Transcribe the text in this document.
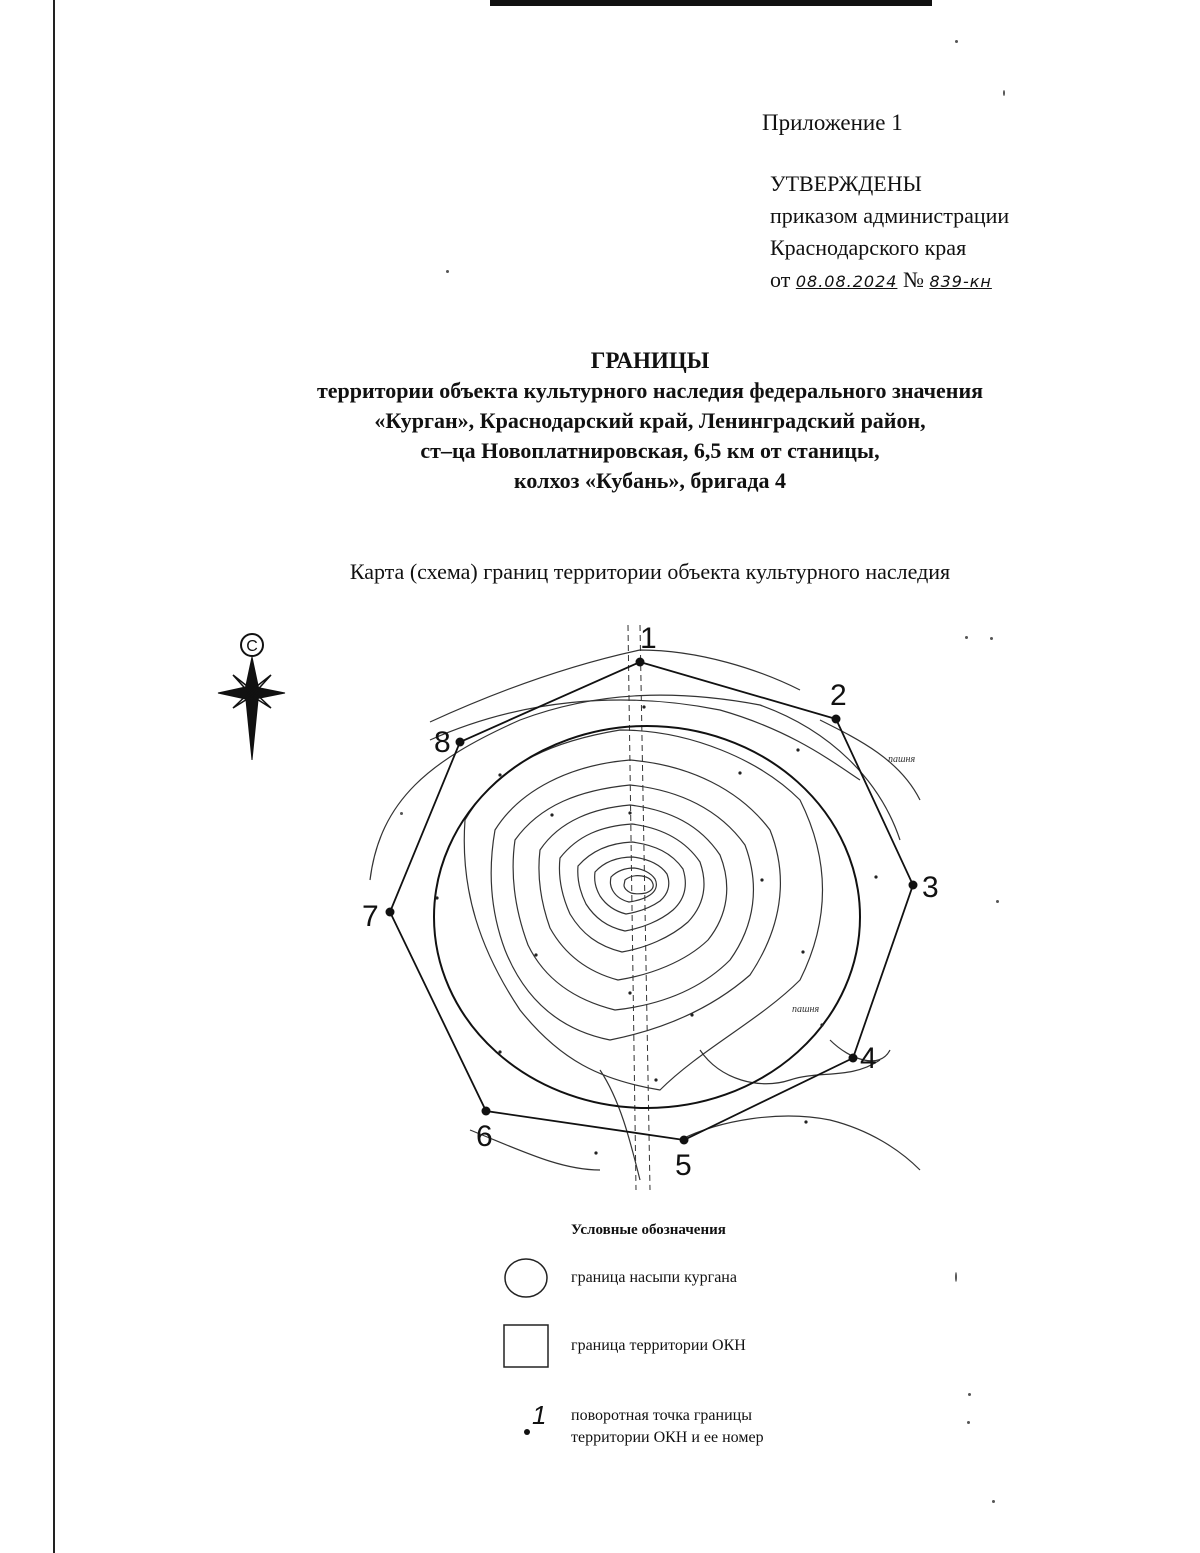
Приложение 1
УТВЕРЖДЕНЫ
приказом администрации
Краснодарского края
от 08.08.2024 № 839-кн
ГРАНИЦЫ
территории объекта культурного наследия федерального значения
«Курган», Краснодарский край, Ленинградский район,
ст–ца Новоплатнировская, 6,5 км от станицы,
колхоз «Кубань», бригада 4
Карта (схема) границ территории объекта культурного наследия
С	1
2
3
4
5
6
7
8
пашня
пашня
Условные обозначения
граница насыпи кургана
граница территории ОКН
1 поворотная точка границы
территории ОКН и ее номер
